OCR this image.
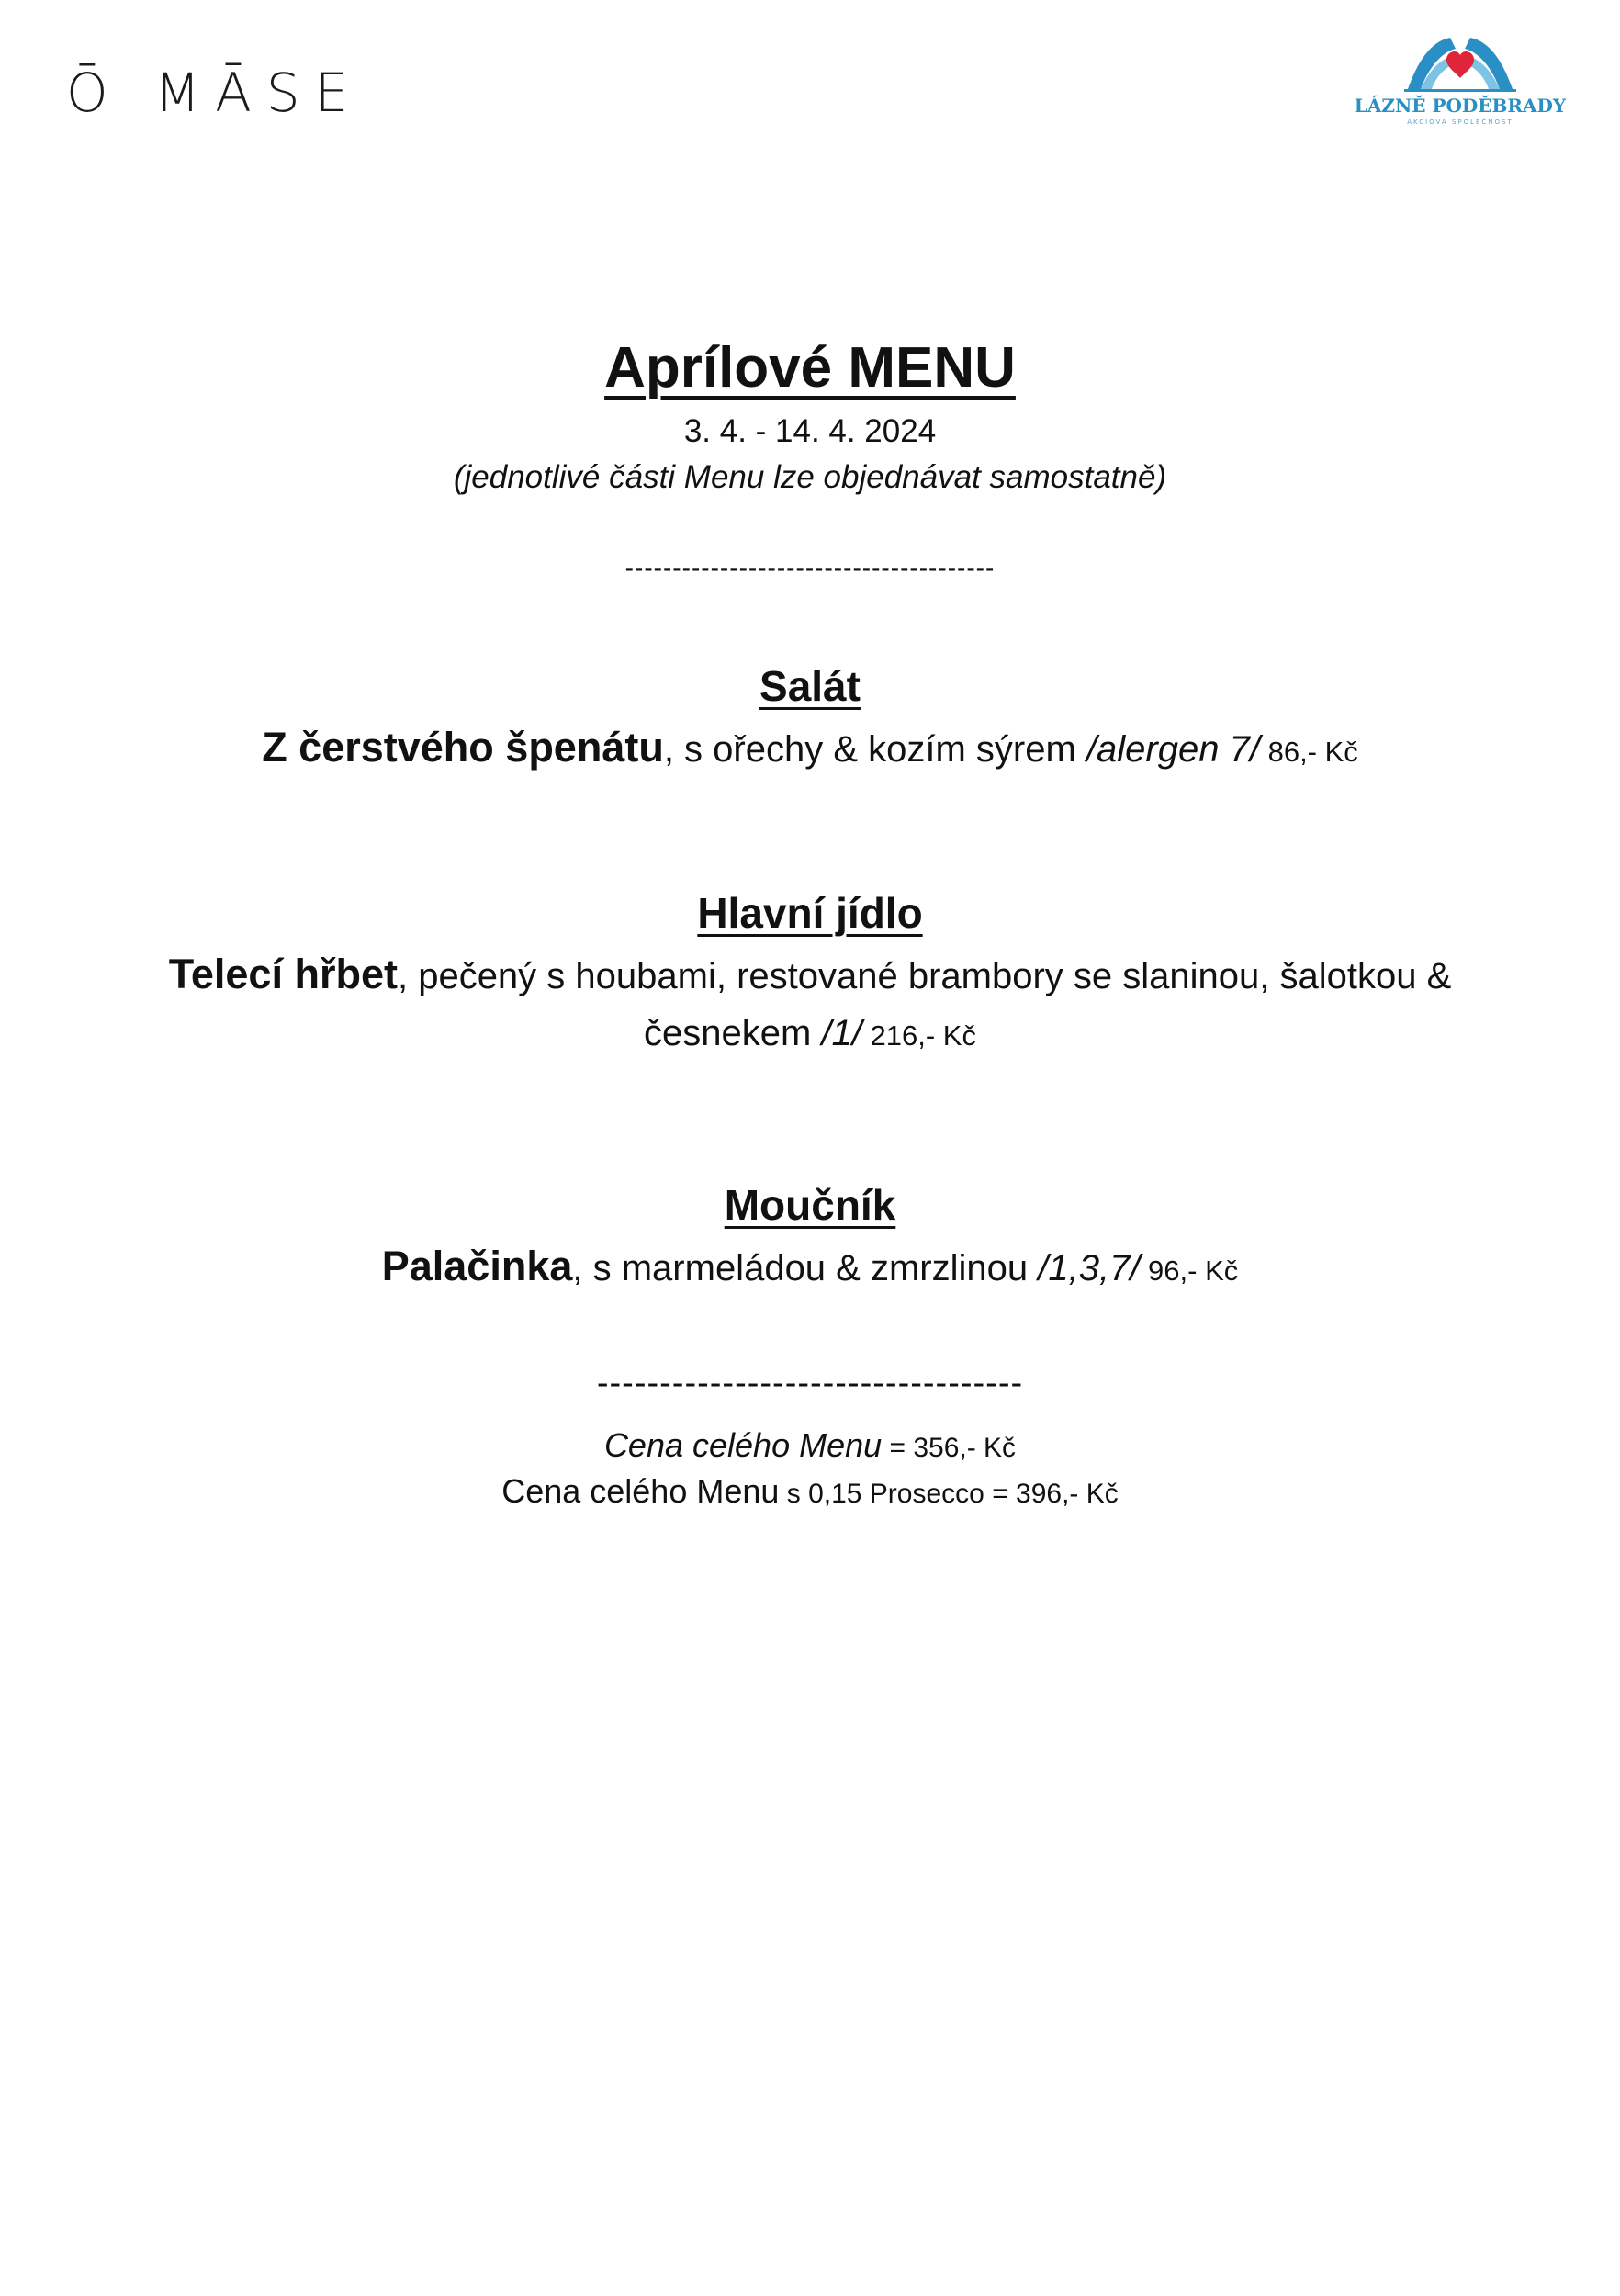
Ō MĀSE	LÁZNĚ PODĚBRADY
AKCIOVÁ SPOLEČNOST
Aprílové MENU
3. 4. - 14. 4. 2024
(jednotlivé části Menu lze objednávat samostatně)
---------------------------------------
Salát
Z čerstvého špenátu, s ořechy & kozím sýrem /alergen 7/ 86,- Kč
Hlavní jídlo
Telecí hřbet, pečený s houbami, restované brambory se slaninou, šalotkou & česnekem /1/ 216,- Kč
Moučník
Palačinka, s marmeládou & zmrzlinou /1,3,7/ 96,- Kč
----------------------------------
Cena celého Menu = 356,- Kč
Cena celého Menu s 0,15 Prosecco = 396,- Kč
